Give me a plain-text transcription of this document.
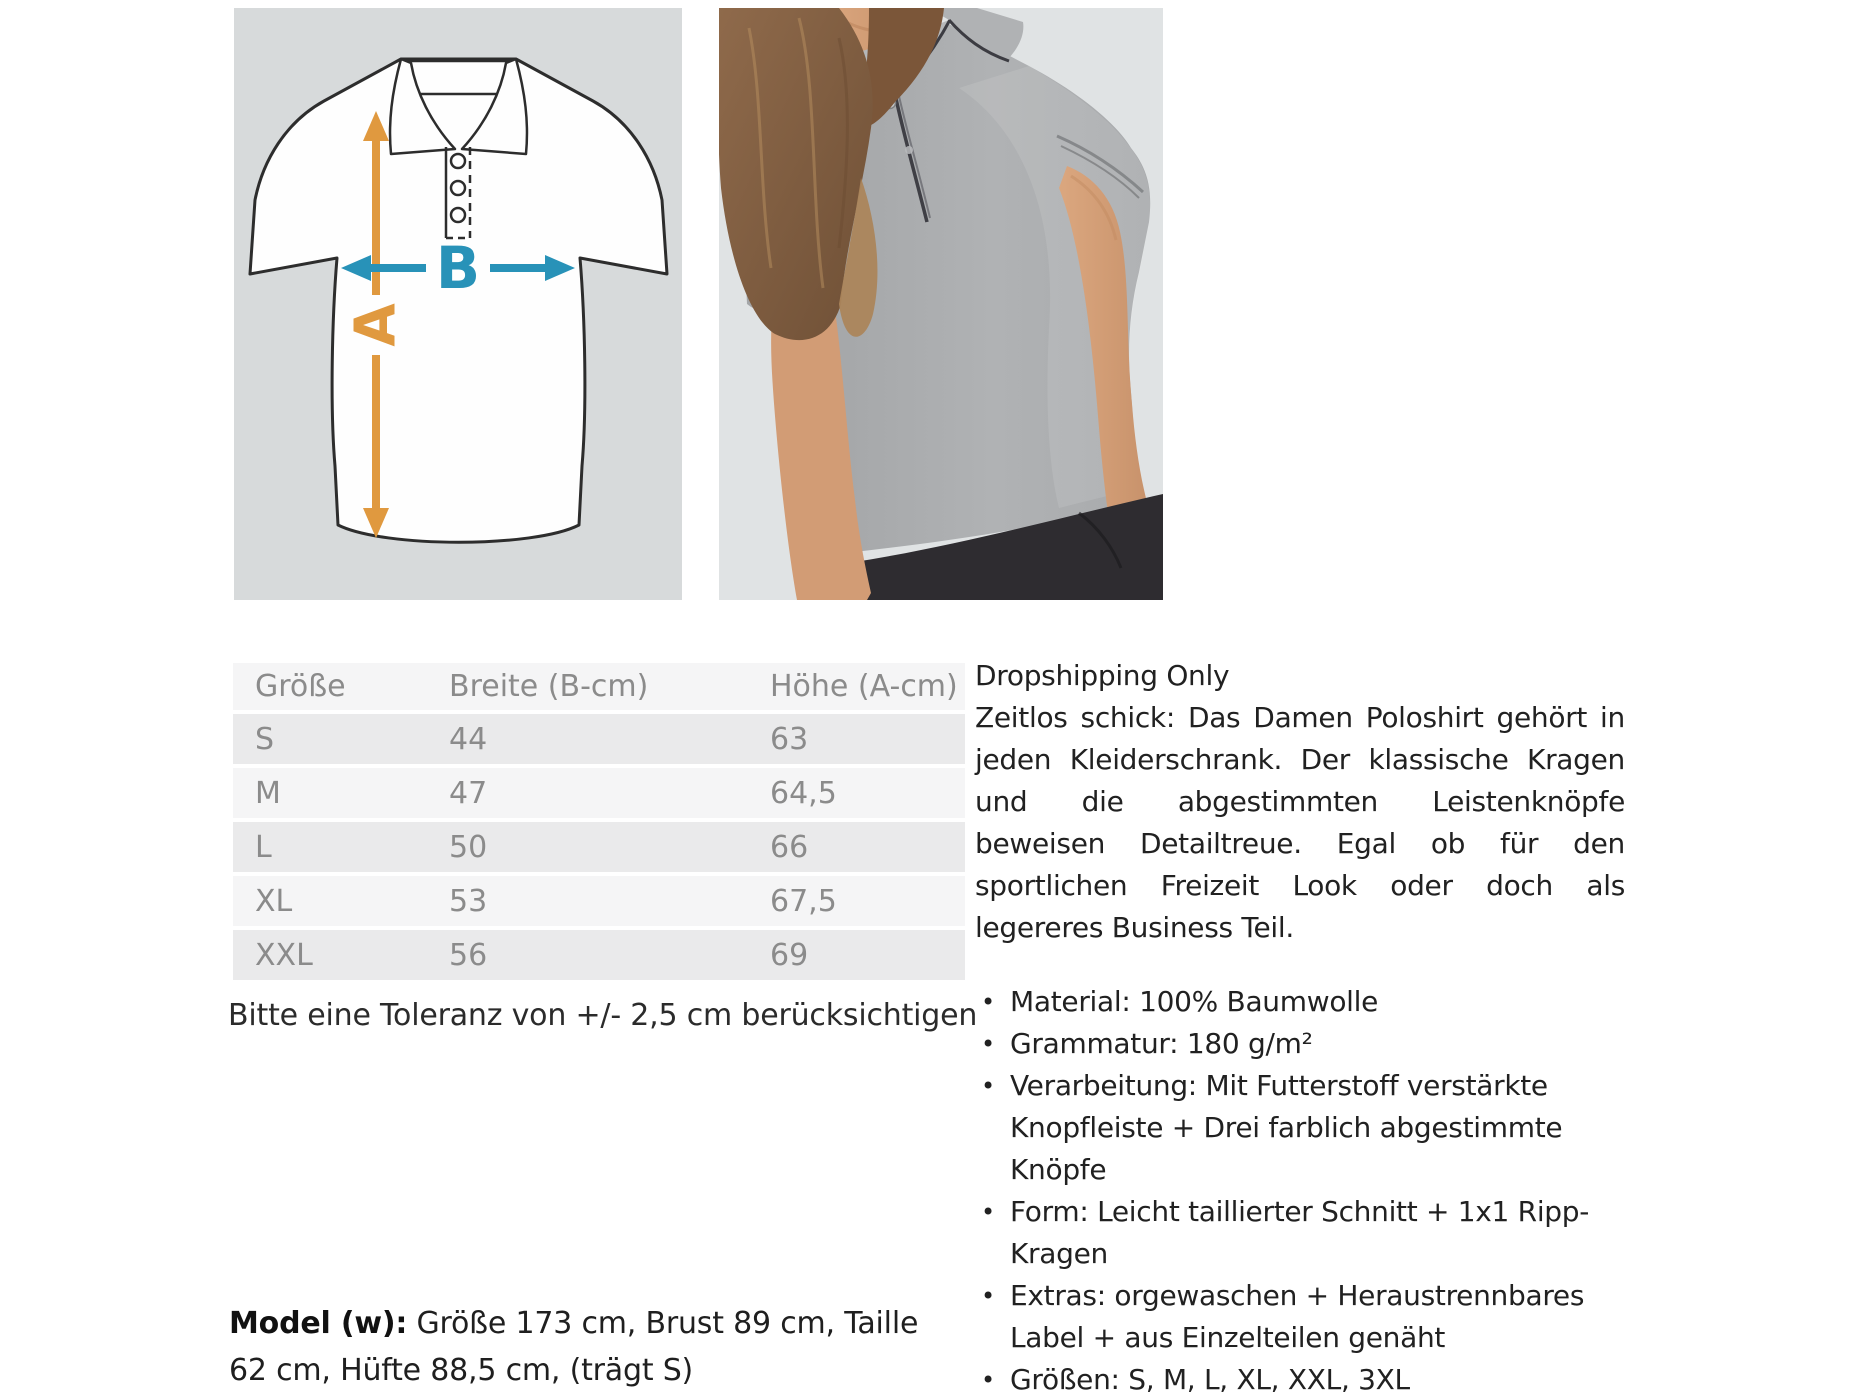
A
B
Größe	Breite (B-cm)	Höhe (A-cm)
S	44	63
M	47	64,5
L	50	66
XL	53	67,5
XXL	56	69
Bitte eine Toleranz von +/- 2,5 cm berücksichtigen
Model (w): Größe 173 cm, Brust 89 cm, Taille 62 cm, Hüfte 88,5 cm, (trägt S)
Dropshipping Only

Zeitlos schick: Das Damen Poloshirt gehört in jeden Kleiderschrank. Der klassische Kragen und die abgestimmten Leistenknöpfe beweisen Detailtreue. Egal ob für den sportlichen Freizeit Look oder doch als legereres Business Teil.

• Material: 100% Baumwolle
• Grammatur: 180 g/m²
• Verarbeitung: Mit Futterstoff verstärkte Knopfleiste + Drei farblich abgestimmte Knöpfe
• Form: Leicht taillierter Schnitt + 1x1 Ripp-Kragen
• Extras: orgewaschen + Heraustrennbares Label + aus Einzelteilen genäht
• Größen: S, M, L, XL, XXL, 3XL
